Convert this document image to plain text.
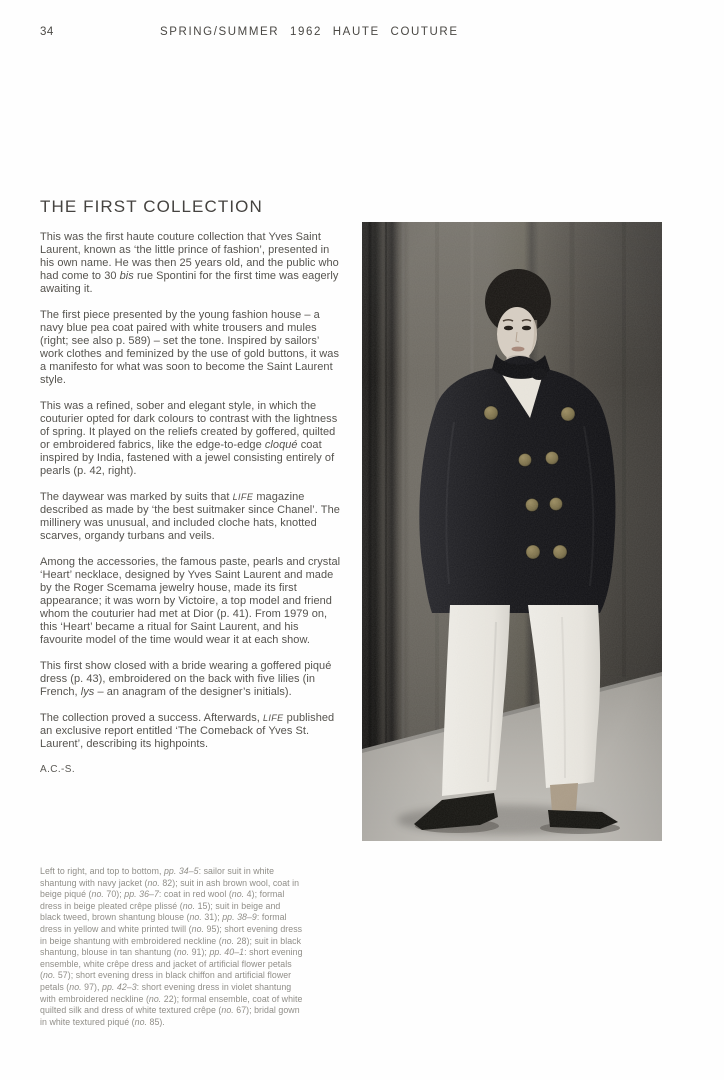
34	SPRING/SUMMER 1962 HAUTE COUTURE
THE FIRST COLLECTION

This was the first haute couture collection that Yves Saint Laurent, known as ‘the little prince of fashion’, presented in his own name. He was then 25 years old, and the public who had come to 30 bis rue Spontini for the first time was eagerly awaiting it.

The first piece presented by the young fashion house – a navy blue pea coat paired with white trousers and mules (right; see also p. 589) – set the tone. Inspired by sailors’ work clothes and feminized by the use of gold buttons, it was a manifesto for what was soon to become the Saint Laurent style.

This was a refined, sober and elegant style, in which the couturier opted for dark colours to contrast with the lightness of spring. It played on the reliefs created by goffered, quilted or embroidered fabrics, like the edge-to-edge cloqué coat inspired by India, fastened with a jewel consisting entirely of pearls (p. 42, right).

The daywear was marked by suits that LIFE magazine described as made by ‘the best suitmaker since Chanel’. The millinery was unusual, and included cloche hats, knotted scarves, organdy turbans and veils.

Among the accessories, the famous paste, pearls and crystal ‘Heart’ necklace, designed by Yves Saint Laurent and made by the Roger Scemama jewelry house, made its first appearance; it was worn by Victoire, a top model and friend whom the couturier had met at Dior (p. 41). From 1979 on, this ‘Heart’ became a ritual for Saint Laurent, and his favourite model of the time would wear it at each show.

This first show closed with a bride wearing a goffered piqué dress (p. 43), embroidered on the back with five lilies (in French, lys – an anagram of the designer’s initials).

The collection proved a success. Afterwards, LIFE published an exclusive report entitled ‘The Comeback of Yves St. Laurent’, describing its highpoints.

A.C.-S.
Left to right, and top to bottom, pp. 34–5: sailor suit in white shantung with navy jacket (no. 82); suit in ash brown wool, coat in beige piqué (no. 70); pp. 36–7: coat in red wool (no. 4); formal dress in beige pleated crêpe plissé (no. 15); suit in beige and black tweed, brown shantung blouse (no. 31); pp. 38–9: formal dress in yellow and white printed twill (no. 95); short evening dress in beige shantung with embroidered neckline (no. 28); suit in black shantung, blouse in tan shantung (no. 91); pp. 40–1: short evening ensemble, white crêpe dress and jacket of artificial flower petals (no. 57); short evening dress in black chiffon and artificial flower petals (no. 97), pp. 42–3: short evening dress in violet shantung with embroidered neckline (no. 22); formal ensemble, coat of white quilted silk and dress of white textured crêpe (no. 67); bridal gown in white textured piqué (no. 85).
